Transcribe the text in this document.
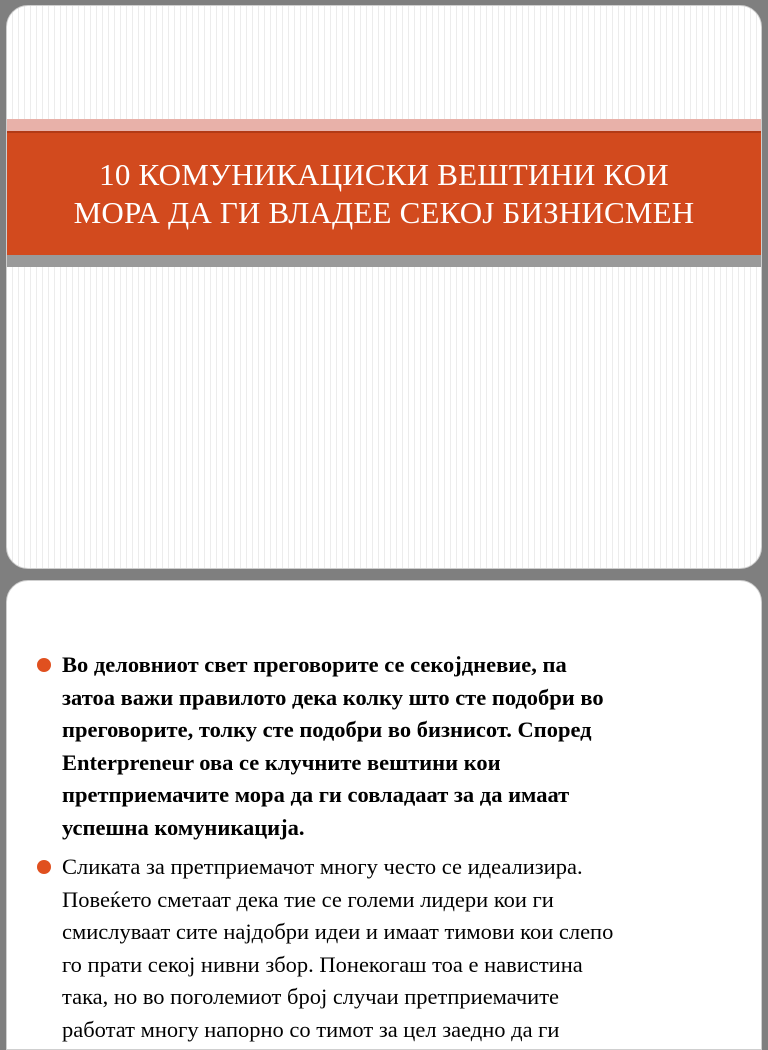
10 КОМУНИКАЦИСКИ ВЕШТИНИ КОИ
МОРА ДА ГИ ВЛАДЕЕ СЕКОЈ БИЗНИСМЕН
Во деловниот свет преговорите се секојдневие, па
затоа важи правилото дека колку што сте подобри во
преговорите, толку сте подобри во бизнисот. Според
Enterpreneur ова се клучните вештини кои
претприемачите мора да ги совладаат за да имаат
успешна комуникација.
Сликата за претприемачот многу често се идеализира.
Повеќето сметаат дека тие се големи лидери кои ги
смислуваат сите најдобри идеи и имаат тимови кои слепо
го прати секој нивни збор. Понекогаш тоа е навистина
така, но во поголемиот број случаи претприемачите
работат многу напорно со тимот за цел заедно да ги
